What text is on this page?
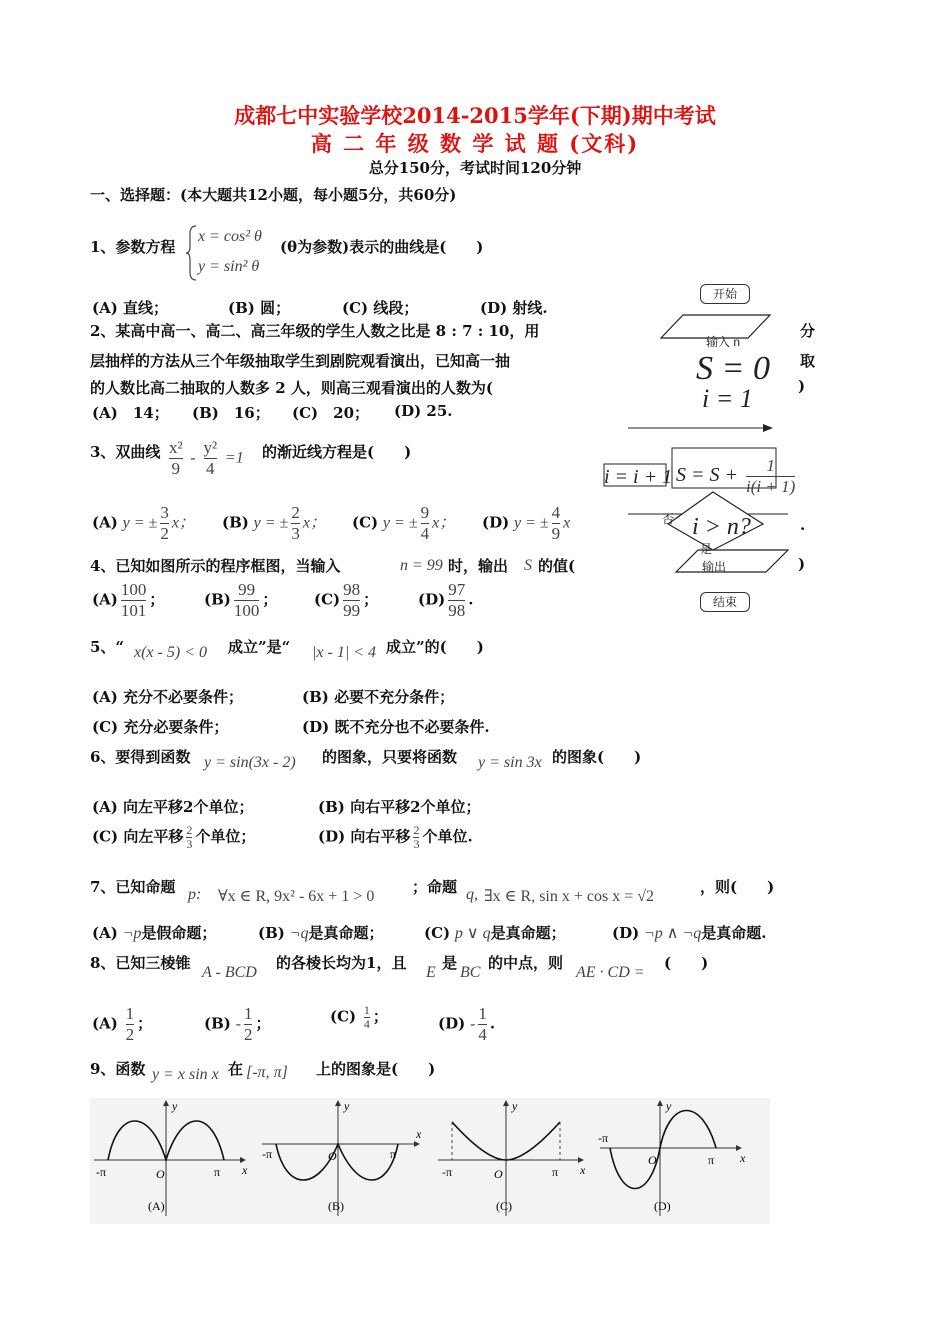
成都七中实验学校2014-2015学年(下期)期中考试
高 二 年 级 数 学 试 题 (文科)
总分150分，考试时间120分钟
一、选择题：(本大题共12小题，每小题5分，共60分)
1、参数方程
x = cos² θ
y = sin² θ
(θ为参数)表示的曲线是(　　)
(A) 直线；	(B) 圆；	(C) 线段；	(D) 射线.
2、某高中高一、高二、高三年级的学生人数之比是 8 : 7 : 10，用	分
层抽样的方法从三个年级抽取学生到剧院观看演出，已知高一抽	取
的人数比高二抽取的人数多 2 人，则高三观看演出的人数为(	)
(A)　14； (B)　16； (C)　20； (D) 25.
3、双曲线 $\frac{\text{x²}}{9} - \frac{\text{y²}}{4} =1$ 的渐近线方程是(　　)
(A) y = ± $\frac{3}{2}$ x； (B) y = ± $\frac{2}{3}$ x； (C) y = ± $\frac{9}{4}$ x； (D) y = ± $\frac{4}{9}$ x	.
4、已知如图所示的程序框图，当输入	n = 99 时，输出 S 的值(	)
$(A) \frac{100}{101}$ ；	$(B) \frac{99}{100}$ ； $(C) \frac{98}{99}$ ；	$(D) \frac{97}{98}$ .
开始
输入 n
S = 0
i = 1
i = i + 1 $S = S + \frac{1}{i(i + 1)}$
否 i > n?
是
输出
结束
5、“ x(x - 5) < 0 成立”是“ |x - 1| < 4 成立”的(　　)
(A) 充分不必要条件；	(B) 必要不充分条件；
(C) 充分必要条件；	(D) 既不充分也不必要条件.
6、要得到函数 y = sin(3x - 2) 的图象，只要将函数 y = sin 3x 的图象(　　)
(A) 向左平移2个单位；	(B) 向右平移2个单位；
(C) 向左平移 $\frac{2}{3}$ 个单位；	(D) 向右平移 $\frac{2}{3}$ 个单位.
7、已知命题 p: ∀x ∈ R, 9x² - 6x + 1 > 0
；命题 q, ∃x ∈ R, sin x + cos x = √2
，则(　　)
(A) ¬p是假命题；	(B) ¬q是真命题；	(C) p ∨ q是真命题；	(D) ¬p ∧ ¬q是真命题.
8、已知三棱锥
A - BCD
的各棱长均为1，且
E
是
BC
的中点，则
AE · CD =
(　　)
$(A) \frac{1}{2}$ ；	$(B) - \frac{1}{2}$ ；	$(C) \frac{1}{4}$ ；	$(D) - \frac{1}{4}$ .
9、函数 y = x sin x 在 [-π, π] 上的图象是(　　)
-π	O	π x
y
(A)
-π	O	π
x
y
(B)
-π	O	π x
y
(C)
-π
O	π x
y
(D)
